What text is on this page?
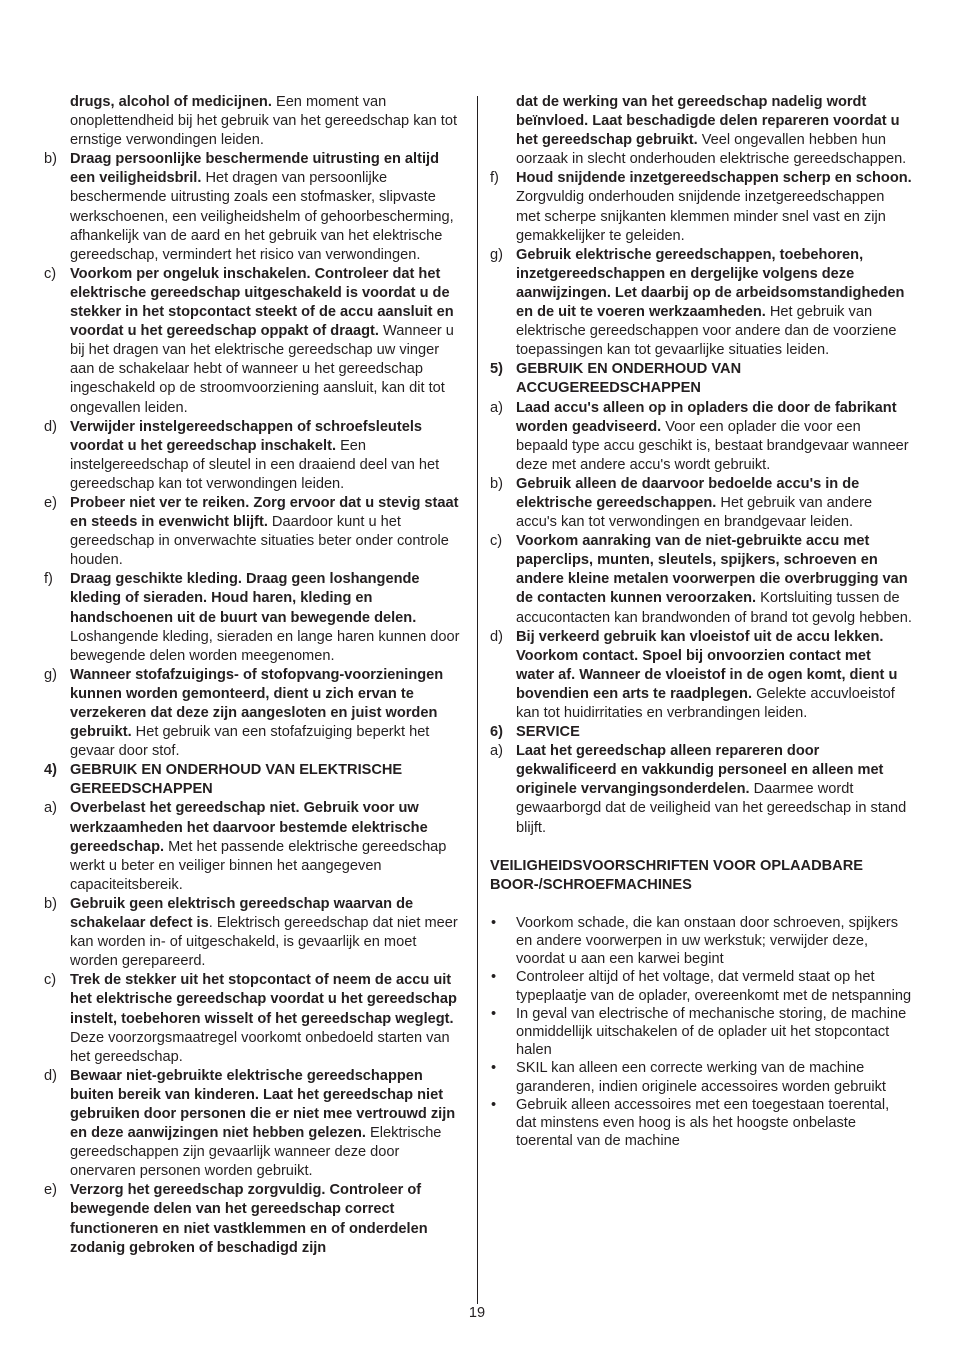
drugs, alcohol of medicijnen. Een moment van onoplettendheid bij het gebruik van het gereedschap kan tot ernstige verwondingen leiden.

b) Draag persoonlijke beschermende uitrusting en altijd een veiligheidsbril. Het dragen van persoonlijke beschermende uitrusting zoals een stofmasker, slipvaste werkschoenen, een veiligheidshelm of gehoorbescherming, afhankelijk van de aard en het gebruik van het elektrische gereedschap, vermindert het risico van verwondingen.

c) Voorkom per ongeluk inschakelen. Controleer dat het elektrische gereedschap uitgeschakeld is voordat u de stekker in het stopcontact steekt of de accu aansluit en voordat u het gereedschap oppakt of draagt. Wanneer u bij het dragen van het elektrische gereedschap uw vinger aan de schakelaar hebt of wanneer u het gereedschap ingeschakeld op de stroomvoorziening aansluit, kan dit tot ongevallen leiden.

d) Verwijder instelgereedschappen of schroefsleutels voordat u het gereedschap inschakelt. Een instelgereedschap of sleutel in een draaiend deel van het gereedschap kan tot verwondingen leiden.

e) Probeer niet ver te reiken. Zorg ervoor dat u stevig staat en steeds in evenwicht blijft. Daardoor kunt u het gereedschap in onverwachte situaties beter onder controle houden.

f) Draag geschikte kleding. Draag geen loshangende kleding of sieraden. Houd haren, kleding en handschoenen uit de buurt van bewegende delen. Loshangende kleding, sieraden en lange haren kunnen door bewegende delen worden meegenomen.

g) Wanneer stofafzuigings- of stofopvang-voorzieningen kunnen worden gemonteerd, dient u zich ervan te verzekeren dat deze zijn aangesloten en juist worden gebruikt. Het gebruik van een stofafzuiging beperkt het gevaar door stof.

4) GEBRUIK EN ONDERHOUD VAN ELEKTRISCHE GEREEDSCHAPPEN

a) Overbelast het gereedschap niet. Gebruik voor uw werkzaamheden het daarvoor bestemde elektrische gereedschap. Met het passende elektrische gereedschap werkt u beter en veiliger binnen het aangegeven capaciteitsbereik.

b) Gebruik geen elektrisch gereedschap waarvan de schakelaar defect is. Elektrisch gereedschap dat niet meer kan worden in- of uitgeschakeld, is gevaarlijk en moet worden gerepareerd.

c) Trek de stekker uit het stopcontact of neem de accu uit het elektrische gereedschap voordat u het gereedschap instelt, toebehoren wisselt of het gereedschap weglegt. Deze voorzorgsmaatregel voorkomt onbedoeld starten van het gereedschap.

d) Bewaar niet-gebruikte elektrische gereedschappen buiten bereik van kinderen. Laat het gereedschap niet gebruiken door personen die er niet mee vertrouwd zijn en deze aanwijzingen niet hebben gelezen. Elektrische gereedschappen zijn gevaarlijk wanneer deze door onervaren personen worden gebruikt.

e) Verzorg het gereedschap zorgvuldig. Controleer of bewegende delen van het gereedschap correct functioneren en niet vastklemmen en of onderdelen zodanig gebroken of beschadigd zijn

dat de werking van het gereedschap nadelig wordt beïnvloed. Laat beschadigde delen repareren voordat u het gereedschap gebruikt. Veel ongevallen hebben hun oorzaak in slecht onderhouden elektrische gereedschappen.

f) Houd snijdende inzetgereedschappen scherp en schoon. Zorgvuldig onderhouden snijdende inzetgereedschappen met scherpe snijkanten klemmen minder snel vast en zijn gemakkelijker te geleiden.

g) Gebruik elektrische gereedschappen, toebehoren, inzetgereedschappen en dergelijke volgens deze aanwijzingen. Let daarbij op de arbeidsomstandigheden en de uit te voeren werkzaamheden. Het gebruik van elektrische gereedschappen voor andere dan de voorziene toepassingen kan tot gevaarlijke situaties leiden.

5) GEBRUIK EN ONDERHOUD VAN ACCUGEREEDSCHAPPEN

a) Laad accu's alleen op in opladers die door de fabrikant worden geadviseerd. Voor een oplader die voor een bepaald type accu geschikt is, bestaat brandgevaar wanneer deze met andere accu's wordt gebruikt.

b) Gebruik alleen de daarvoor bedoelde accu's in de elektrische gereedschappen. Het gebruik van andere accu's kan tot verwondingen en brandgevaar leiden.

c) Voorkom aanraking van de niet-gebruikte accu met paperclips, munten, sleutels, spijkers, schroeven en andere kleine metalen voorwerpen die overbrugging van de contacten kunnen veroorzaken. Kortsluiting tussen de accucontacten kan brandwonden of brand tot gevolg hebben.

d) Bij verkeerd gebruik kan vloeistof uit de accu lekken. Voorkom contact. Spoel bij onvoorzien contact met water af. Wanneer de vloeistof in de ogen komt, dient u bovendien een arts te raadplegen. Gelekte accuvloeistof kan tot huidirritaties en verbrandingen leiden.

6) SERVICE

a) Laat het gereedschap alleen repareren door gekwalificeerd en vakkundig personeel en alleen met originele vervangingsonderdelen. Daarmee wordt gewaarborgd dat de veiligheid van het gereedschap in stand blijft.

VEILIGHEIDSVOORSCHRIFTEN VOOR OPLAADBARE BOOR-/SCHROEFMACHINES

• Voorkom schade, die kan onstaan door schroeven, spijkers en andere voorwerpen in uw werkstuk; verwijder deze, voordat u aan een karwei begint

• Controleer altijd of het voltage, dat vermeld staat op het typeplaatje van de oplader, overeenkomt met de netspanning

• In geval van electrische of mechanische storing, de machine onmiddellijk uitschakelen of de oplader uit het stopcontact halen

• SKIL kan alleen een correcte werking van de machine garanderen, indien originele accessoires worden gebruikt

• Gebruik alleen accessoires met een toegestaan toerental, dat minstens even hoog is als het hoogste onbelaste toerental van de machine

19
